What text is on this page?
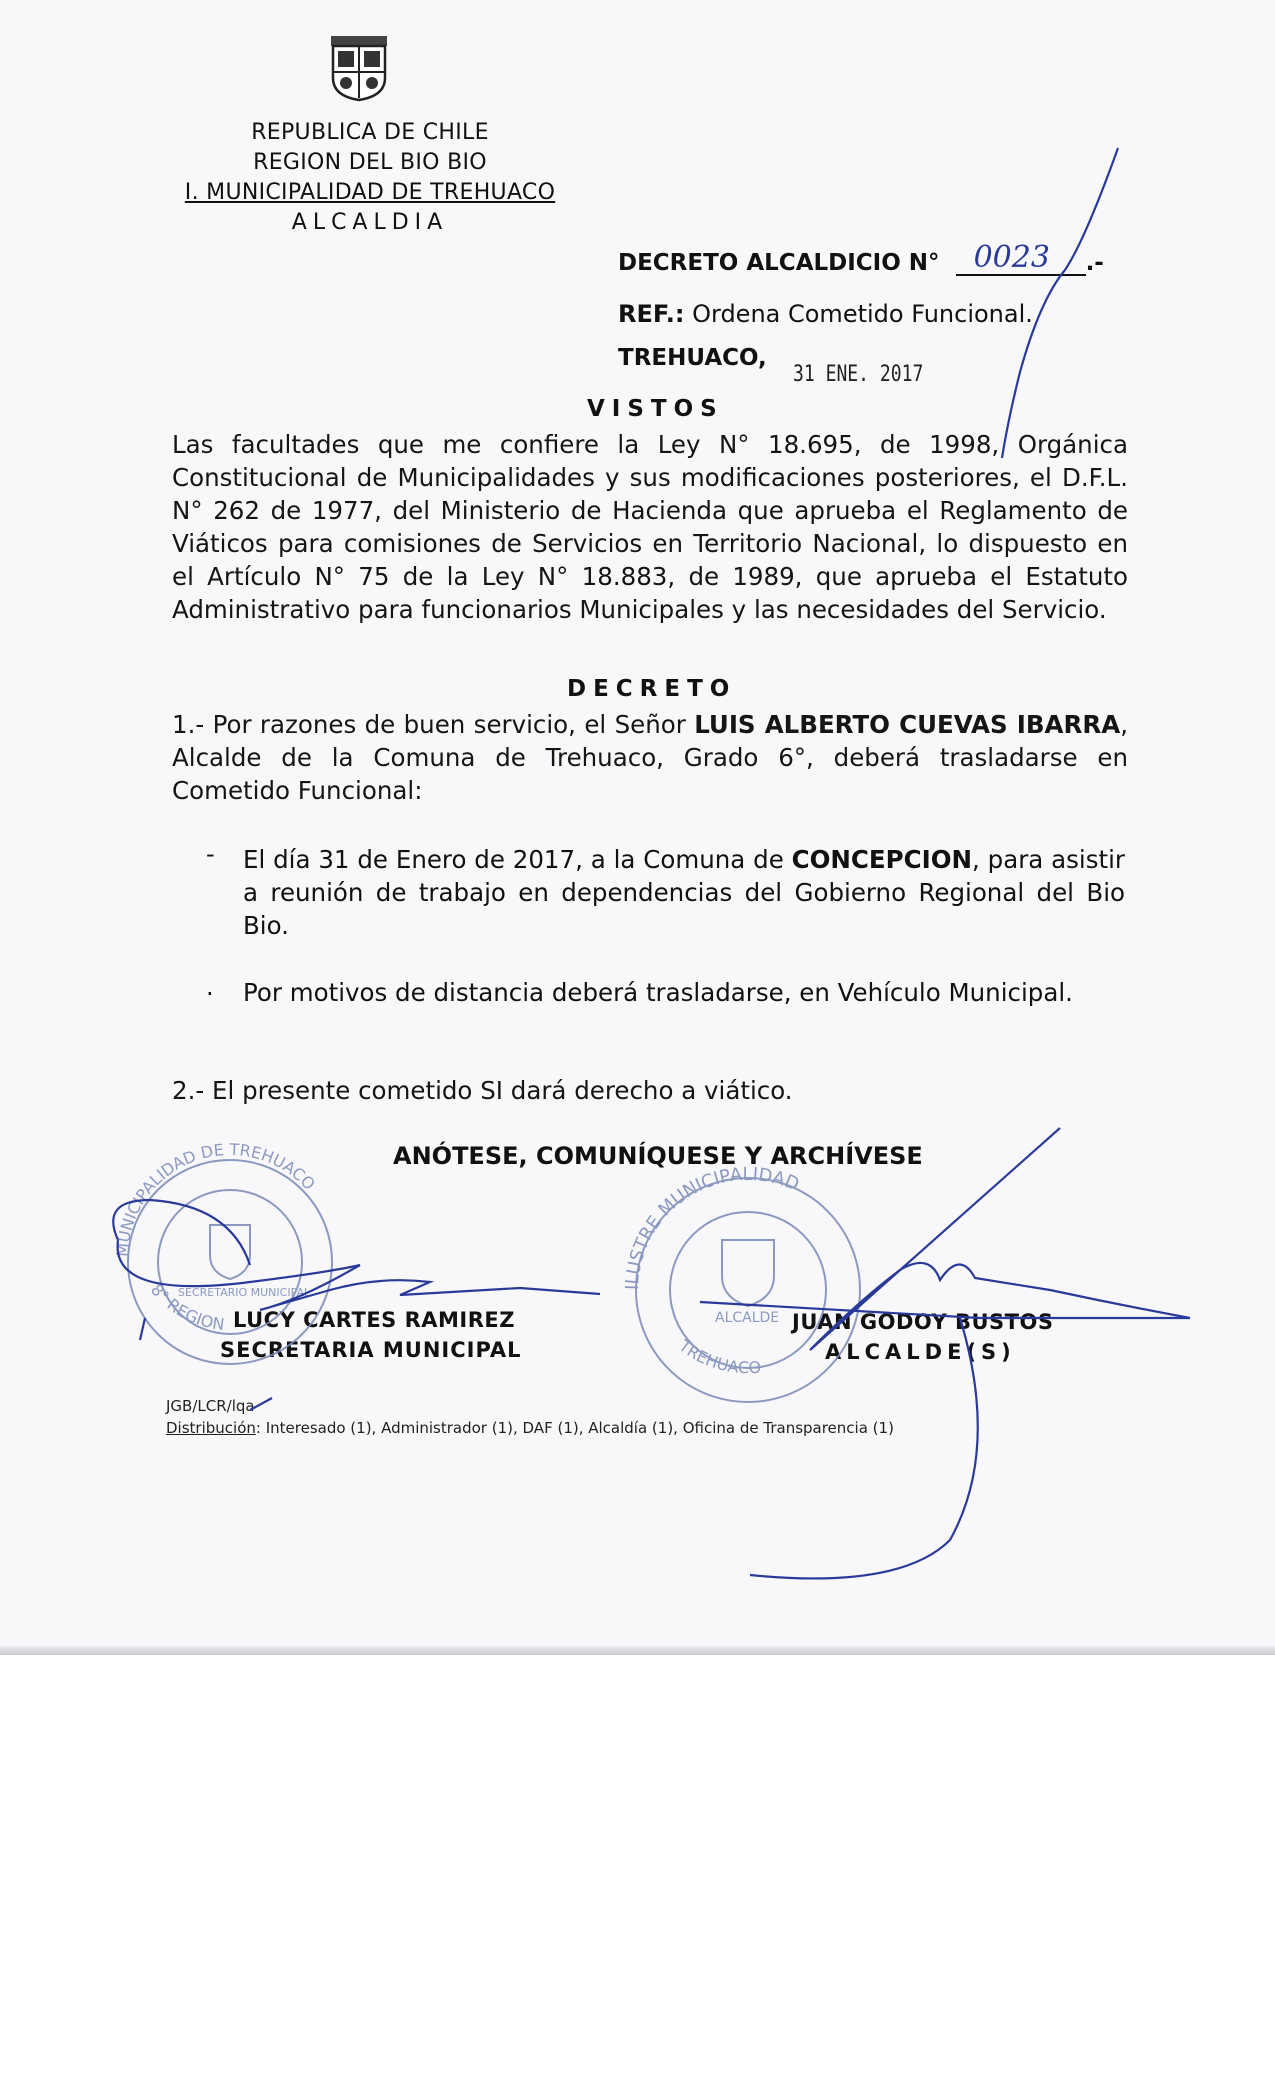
REPUBLICA DE CHILE
REGION DEL BIO BIO
I. MUNICIPALIDAD DE TREHUACO
ALCALDIA
DECRETO ALCALDICIO N° 0023 .-
REF.: Ordena Cometido Funcional.
TREHUACO,
31 ENE. 2017
VISTOS
Las facultades que me confiere la Ley N° 18.695, de 1998, Orgánica Constitucional de Municipalidades y sus modificaciones posteriores, el D.F.L. N° 262 de 1977, del Ministerio de Hacienda que aprueba el Reglamento de Viáticos para comisiones de Servicios en Territorio Nacional, lo dispuesto en el Artículo N° 75 de la Ley N° 18.883, de 1989, que aprueba el Estatuto Administrativo para funcionarios Municipales y las necesidades del Servicio.
DECRETO
1.- Por razones de buen servicio, el Señor LUIS ALBERTO CUEVAS IBARRA, Alcalde de la Comuna de Trehuaco, Grado 6°, deberá trasladarse en Cometido Funcional:
- El día 31 de Enero de 2017, a la Comuna de CONCEPCION, para asistir a reunión de trabajo en dependencias del Gobierno Regional del Bio Bio.
. Por motivos de distancia deberá trasladarse, en Vehículo Municipal.
2.- El presente cometido SI dará derecho a viático.
ANÓTESE, COMUNÍQUESE Y ARCHÍVESE
LUCY CARTES RAMIREZ
SECRETARIA MUNICIPAL
JUAN GODOY BUSTOS
ALCALDE(S)
JGB/LCR/lqa
Distribución: Interesado (1), Administrador (1), DAF (1), Alcaldía (1), Oficina de Transparencia (1)
MUNICIPALIDAD DE TREHUACO
SECRETARIO MUNICIPAL
8° REGION
ILUSTRE MUNICIPALIDAD
ALCALDE
TREHUACO
